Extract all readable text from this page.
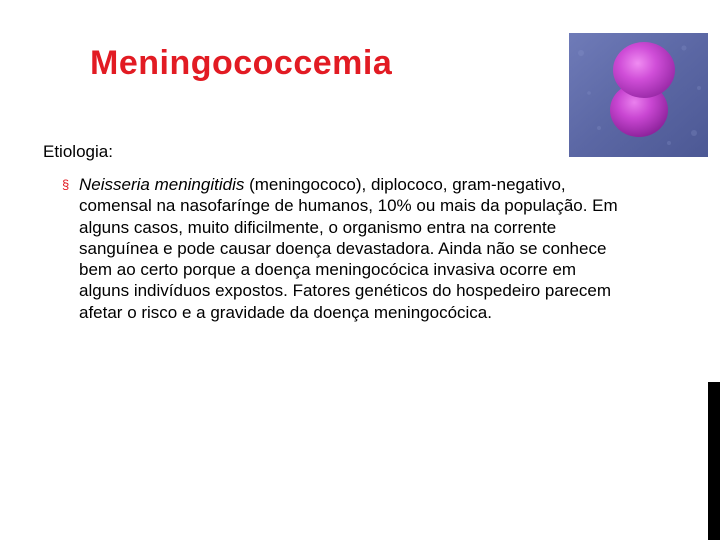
Meningococcemia

Etiologia:

§ Neisseria meningitidis (meningococo), diplococo, gram-negativo, comensal na nasofarínge de humanos, 10% ou mais da população. Em alguns casos, muito dificilmente, o organismo entra na corrente sanguínea e pode causar doença devastadora. Ainda não se conhece bem ao certo porque a doença meningocócica invasiva ocorre em alguns indivíduos expostos. Fatores genéticos do hospedeiro parecem afetar o risco e a gravidade da doença meningocócica.
